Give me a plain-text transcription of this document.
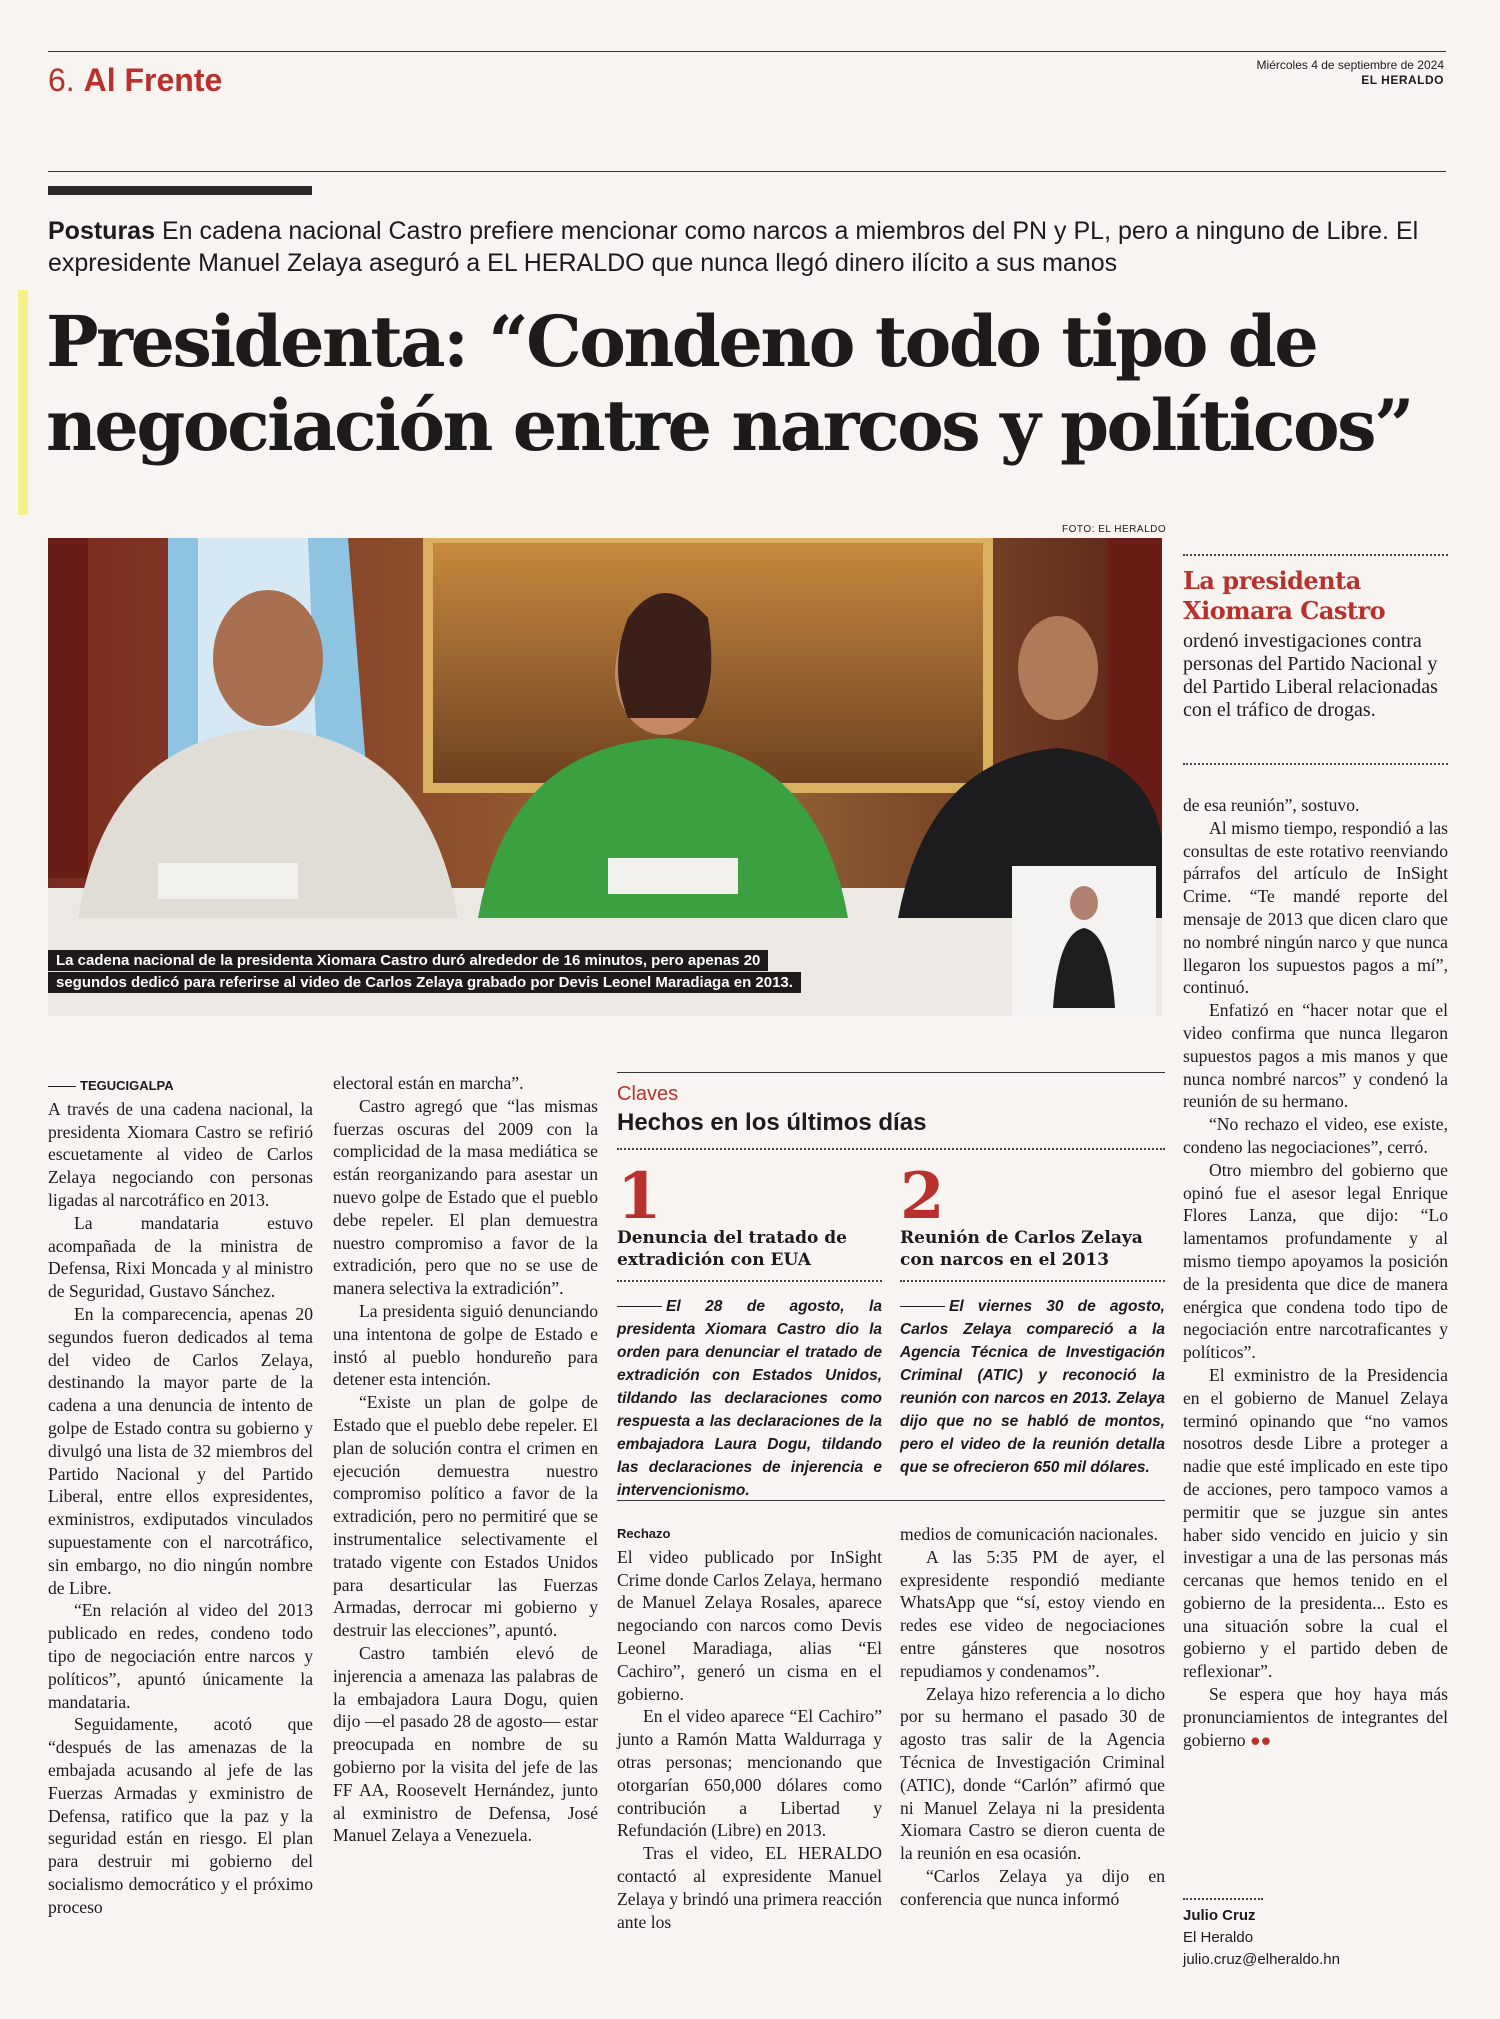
6. Al Frente	Miércoles 4 de septiembre de 2024
EL HERALDO
Posturas En cadena nacional Castro prefiere mencionar como narcos a miembros del PN y PL, pero a ninguno de Libre. El expresidente Manuel Zelaya aseguró a EL HERALDO que nunca llegó dinero ilícito a sus manos
Presidenta: “Condeno todo tipo de
negociación entre narcos y políticos”
FOTO: EL HERALDO
La cadena nacional de la presidenta Xiomara Castro duró alrededor de 16 minutos, pero apenas 20
segundos dedicó para referirse al video de Carlos Zelaya grabado por Devis Leonel Maradiaga en 2013.
La presidenta
Xiomara Castro
ordenó investigaciones contra personas del Partido Nacional y del Partido Liberal relacionadas con el tráfico de drogas.
TEGUCIGALPA

A través de una cadena nacional, la presidenta Xiomara Castro se refirió escuetamente al video de Carlos Zelaya negociando con personas ligadas al narcotráfico en 2013.

La mandataria estuvo acompañada de la ministra de Defensa, Rixi Moncada y al ministro de Seguridad, Gustavo Sánchez.

En la comparecencia, apenas 20 segundos fueron dedicados al tema del video de Carlos Zelaya, destinando la mayor parte de la cadena a una denuncia de intento de golpe de Estado contra su gobierno y divulgó una lista de 32 miembros del Partido Nacional y del Partido Liberal, entre ellos expresidentes, exministros, exdiputados vinculados supuestamente con el narcotráfico, sin embargo, no dio ningún nombre de Libre.

“En relación al video del 2013 publicado en redes, condeno todo tipo de negociación entre narcos y políticos”, apuntó únicamente la mandataria.

Seguidamente, acotó que “después de las amenazas de la embajada acusando al jefe de las Fuerzas Armadas y exministro de Defensa, ratifico que la paz y la seguridad están en riesgo. El plan para destruir mi gobierno del socialismo democrático y el próximo proceso

electoral están en marcha”.

Castro agregó que “las mismas fuerzas oscuras del 2009 con la complicidad de la masa mediática se están reorganizando para asestar un nuevo golpe de Estado que el pueblo debe repeler. El plan demuestra nuestro compromiso a favor de la extradición, pero que no se use de manera selectiva la extradición”.

La presidenta siguió denunciando una intentona de golpe de Estado e instó al pueblo hondureño para detener esta intención.

“Existe un plan de golpe de Estado que el pueblo debe repeler. El plan de solución contra el crimen en ejecución demuestra nuestro compromiso político a favor de la extradición, pero no permitiré que se instrumentalice selectivamente el tratado vigente con Estados Unidos para desarticular las Fuerzas Armadas, derrocar mi gobierno y destruir las elecciones”, apuntó.

Castro también elevó de injerencia a amenaza las palabras de la embajadora Laura Dogu, quien dijo —el pasado 28 de agosto— estar preocupada en nombre de su gobierno por la visita del jefe de las FF AA, Roosevelt Hernández, junto al exministro de Defensa, José Manuel Zelaya a Venezuela.

Claves
Hechos en los últimos días
1
Denuncia del tratado de
extradición con EUA
El 28 de agosto, la presidenta Xiomara Castro dio la orden para denunciar el tratado de extradición con Estados Unidos, tildando las declaraciones como respuesta a las declaraciones de la embajadora Laura Dogu, tildando las declaraciones de injerencia e intervencionismo.
2
Reunión de Carlos Zelaya
con narcos en el 2013
El viernes 30 de agosto, Carlos Zelaya compareció a la Agencia Técnica de Investigación Criminal (ATIC) y reconoció la reunión con narcos en 2013. Zelaya dijo que no se habló de montos, pero el video de la reunión detalla que se ofrecieron 650 mil dólares.
Rechazo

El video publicado por InSight Crime donde Carlos Zelaya, hermano de Manuel Zelaya Rosales, aparece negociando con narcos como Devis Leonel Maradiaga, alias “El Cachiro”, generó un cisma en el gobierno.

En el video aparece “El Cachiro” junto a Ramón Matta Waldurraga y otras personas; mencionando que otorgarían 650,000 dólares como contribución a Libertad y Refundación (Libre) en 2013.

Tras el video, EL HERALDO contactó al expresidente Manuel Zelaya y brindó una primera reacción ante los

medios de comunicación nacionales.

A las 5:35 PM de ayer, el expresidente respondió mediante WhatsApp que “sí, estoy viendo en redes ese video de negociaciones entre gánsteres que nosotros repudiamos y condenamos”.

Zelaya hizo referencia a lo dicho por su hermano el pasado 30 de agosto tras salir de la Agencia Técnica de Investigación Criminal (ATIC), donde “Carlón” afirmó que ni Manuel Zelaya ni la presidenta Xiomara Castro se dieron cuenta de la reunión en esa ocasión.

“Carlos Zelaya ya dijo en conferencia que nunca informó

de esa reunión”, sostuvo.

Al mismo tiempo, respondió a las consultas de este rotativo reenviando párrafos del artículo de InSight Crime. “Te mandé reporte del mensaje de 2013 que dicen claro que no nombré ningún narco y que nunca llegaron los supuestos pagos a mí”, continuó.

Enfatizó en “hacer notar que el video confirma que nunca llegaron supuestos pagos a mis manos y que nunca nombré narcos” y condenó la reunión de su hermano.

“No rechazo el video, ese existe, condeno las negociaciones”, cerró.

Otro miembro del gobierno que opinó fue el asesor legal Enrique Flores Lanza, que dijo: “Lo lamentamos profundamente y al mismo tiempo apoyamos la posición de la presidenta que dice de manera enérgica que condena todo tipo de negociación entre narcotraficantes y políticos”.

El exministro de la Presidencia en el gobierno de Manuel Zelaya terminó opinando que “no vamos nosotros desde Libre a proteger a nadie que esté implicado en este tipo de acciones, pero tampoco vamos a permitir que se juzgue sin antes haber sido vencido en juicio y sin investigar a una de las personas más cercanas que hemos tenido en el gobierno de la presidenta... Esto es una situación sobre la cual el gobierno y el partido deben de reflexionar”.

Se espera que hoy haya más pronunciamientos de integrantes del gobierno ●●

Julio Cruz
El Heraldo
julio.cruz@elheraldo.hn
